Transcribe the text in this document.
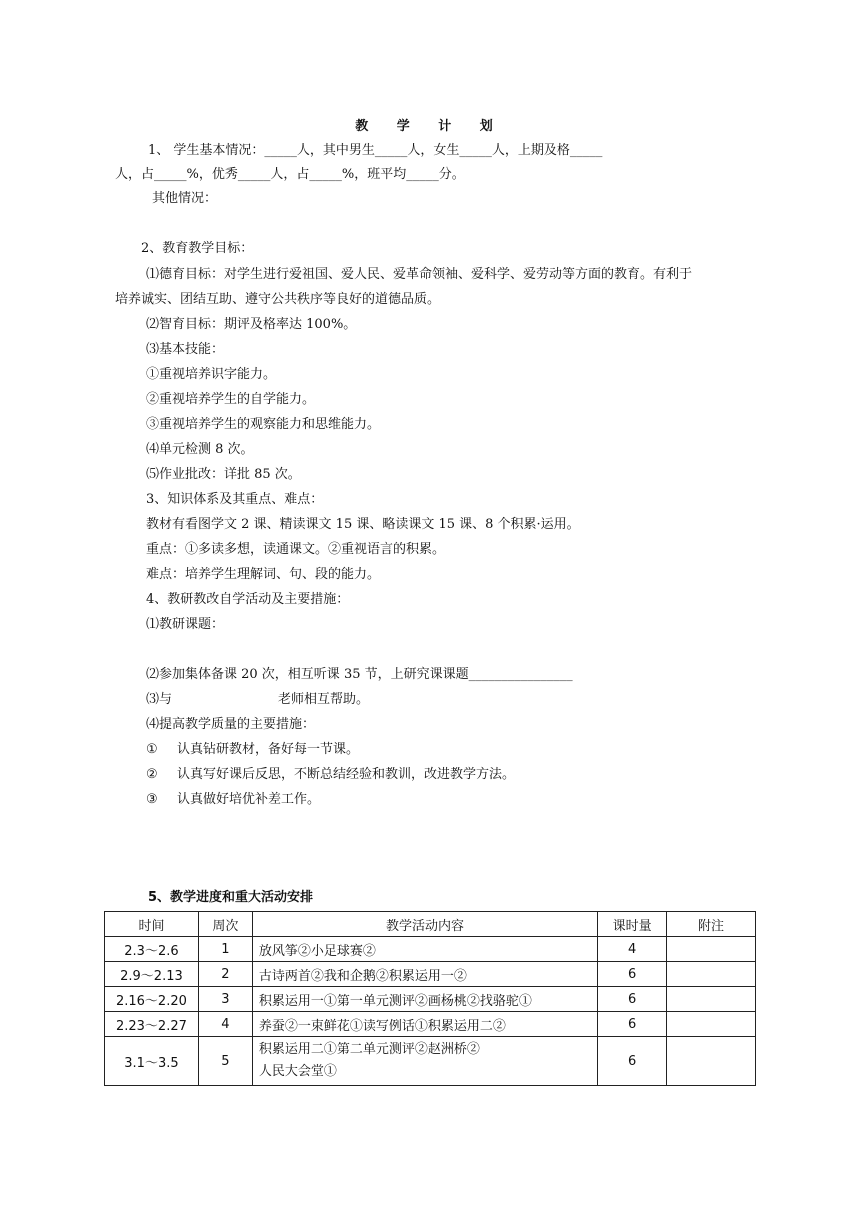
教 学 计 划
1、 学生基本情况：_____人，其中男生_____人，女生_____人，上期及格_____
人，占_____%，优秀_____人，占_____%，班平均_____分。
其他情况：
2、教育教学目标：
⑴德育目标：对学生进行爱祖国、爱人民、爱革命领袖、爱科学、爱劳动等方面的教育。有利于
培养诚实、团结互助、遵守公共秩序等良好的道德品质。
⑵智育目标：期评及格率达 100%。
⑶基本技能：
①重视培养识字能力。
②重视培养学生的自学能力。
③重视培养学生的观察能力和思维能力。
⑷单元检测 8 次。
⑸作业批改：详批 85 次。
3、知识体系及其重点、难点：
教材有看图学文 2 课、精读课文 15 课、略读课文 15 课、8 个积累·运用。
重点：①多读多想，读通课文。②重视语言的积累。
难点：培养学生理解词、句、段的能力。
4、教研教改自学活动及主要措施：
⑴教研课题：
⑵参加集体备课 20 次，相互听课 35 节，上研究课课题________________
⑶与	老师相互帮助。
⑷提高教学质量的主要措施：
① 认真钻研教材，备好每一节课。
② 认真写好课后反思，不断总结经验和教训，改进教学方法。
③ 认真做好培优补差工作。
5、教学进度和重大活动安排
时间	周次	教学活动内容	课时量	附注
2.3～2.6	1	放风筝②小足球赛②	4	
2.9～2.13	2	古诗两首②我和企鹅②积累运用一②	6	
2.16～2.20	3	积累运用一①第一单元测评②画杨桃②找骆驼①	6	
2.23～2.27	4	养蚕②一束鲜花①读写例话①积累运用二②	6	
3.1～3.5	5	积累运用二①第二单元测评②赵洲桥②
人民大会堂①	6	
